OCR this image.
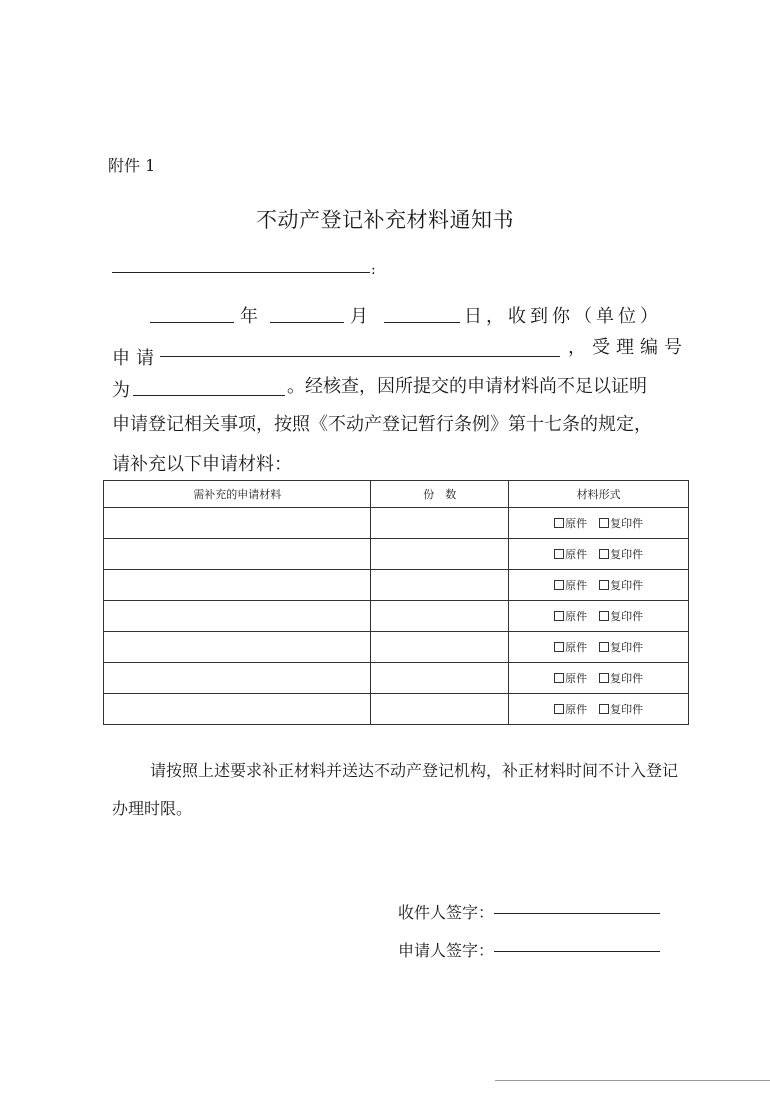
附件 1
不动产登记补充材料通知书
:
年	月	日，收到你（单位）
申请
，受理编号
为	。经核查，因所提交的申请材料尚不足以证明
申请登记相关事项，按照《不动产登记暂行条例》第十七条的规定，
请补充以下申请材料：
需补充的申请材料	份　数	材料形式
		原件 复印件
		原件 复印件
		原件 复印件
		原件 复印件
		原件 复印件
		原件 复印件
		原件 复印件
请按照上述要求补正材料并送达不动产登记机构，补正材料时间不计入登记
办理时限。
收件人签字：
申请人签字：
